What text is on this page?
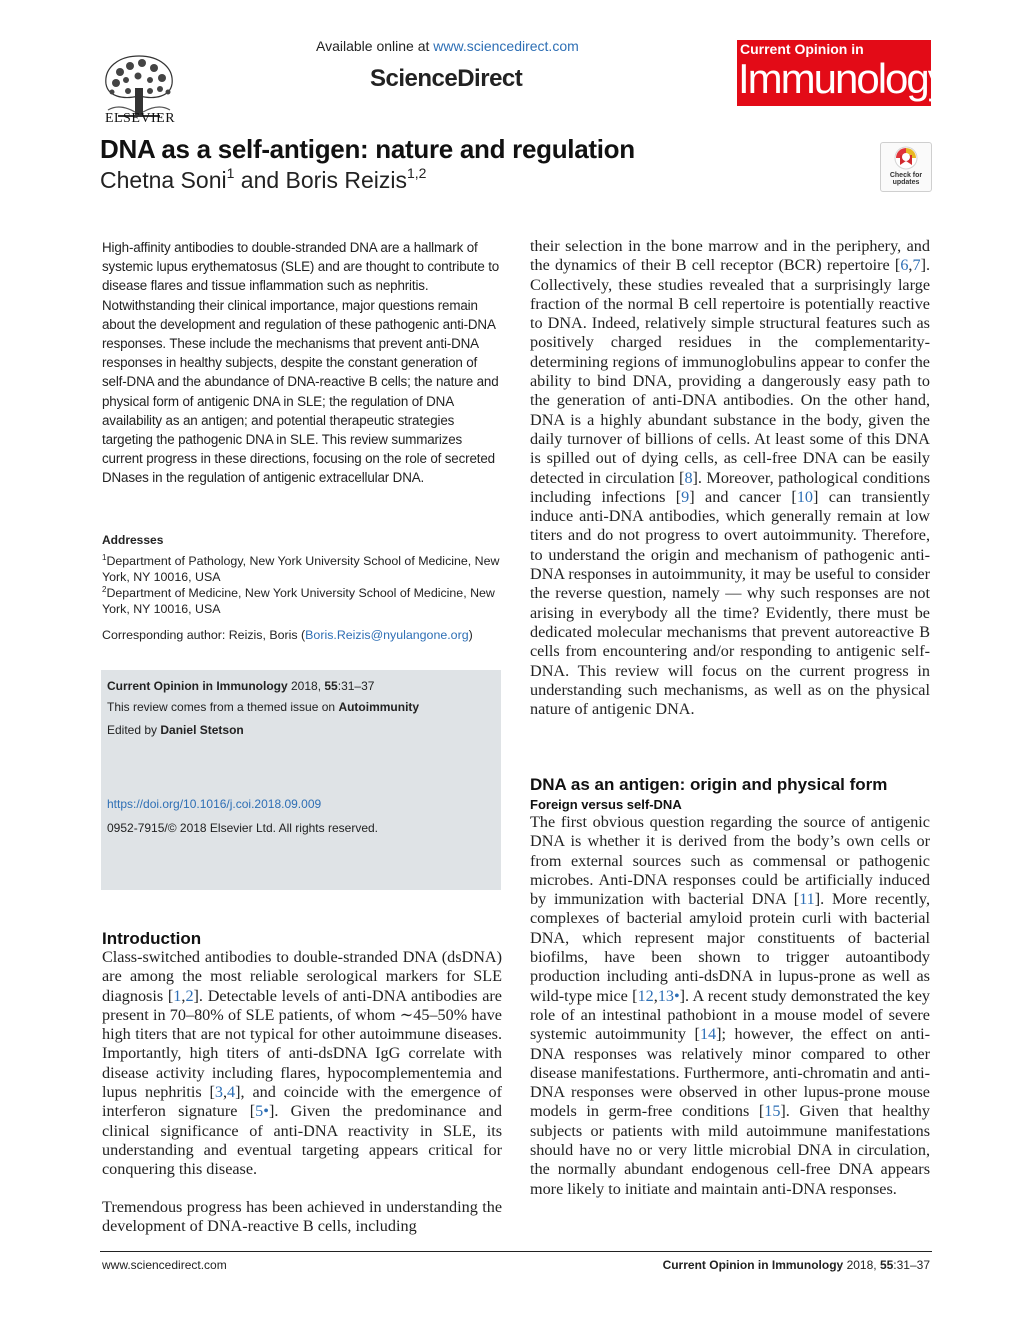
ELSEVIER
Available online at www.sciencedirect.com
ScienceDirect
Current Opinion in
Immunology
DNA as a self-antigen: nature and regulation
Chetna Soni$^1$ and Boris Reizis$^{1,2}$	Check for
updates
High-affinity antibodies to double-stranded DNA are a hallmark of systemic lupus erythematosus (SLE) and are thought to contribute to disease flares and tissue inflammation such as nephritis. Notwithstanding their clinical importance, major questions remain about the development and regulation of these pathogenic anti-DNA responses. These include the mechanisms that prevent anti-DNA responses in healthy subjects, despite the constant generation of self-DNA and the abundance of DNA-reactive B cells; the nature and physical form of antigenic DNA in SLE; the regulation of DNA availability as an antigen; and potential therapeutic strategies targeting the pathogenic DNA in SLE. This review summarizes current progress in these directions, focusing on the role of secreted DNases in the regulation of antigenic extracellular DNA.
Addresses
$^1$Department of Pathology, New York University School of Medicine, New York, NY 10016, USA
$^2$Department of Medicine, New York University School of Medicine, New York, NY 10016, USA
Corresponding author: Reizis, Boris (Boris.Reizis@nyulangone.org)
Current Opinion in Immunology 2018, 55:31–37
This review comes from a themed issue on Autoimmunity
Edited by Daniel Stetson
https://doi.org/10.1016/j.coi.2018.09.009
0952-7915/© 2018 Elsevier Ltd. All rights reserved.
Introduction
Class-switched antibodies to double-stranded DNA (dsDNA) are among the most reliable serological markers for SLE diagnosis [1,2]. Detectable levels of anti-DNA antibodies are present in 70–80% of SLE patients, of whom ∼45–50% have high titers that are not typical for other autoimmune diseases. Importantly, high titers of anti-dsDNA IgG correlate with disease activity including flares, hypocomplementemia and lupus nephritis [3,4], and coincide with the emergence of interferon signature [5•]. Given the predominance and clinical significance of anti-DNA reactivity in SLE, its understanding and eventual targeting appears critical for conquering this disease.
Tremendous progress has been achieved in understanding the development of DNA-reactive B cells, including
their selection in the bone marrow and in the periphery, and the dynamics of their B cell receptor (BCR) repertoire [6,7]. Collectively, these studies revealed that a surprisingly large fraction of the normal B cell repertoire is potentially reactive to DNA. Indeed, relatively simple structural features such as positively charged residues in the complementarity-determining regions of immunoglobulins appear to confer the ability to bind DNA, providing a dangerously easy path to the generation of anti-DNA antibodies. On the other hand, DNA is a highly abundant substance in the body, given the daily turnover of billions of cells. At least some of this DNA is spilled out of dying cells, as cell-free DNA can be easily detected in circulation [8]. Moreover, pathological conditions including infections [9] and cancer [10] can transiently induce anti-DNA antibodies, which generally remain at low titers and do not progress to overt autoimmunity. Therefore, to understand the origin and mechanism of pathogenic anti-DNA responses in autoimmunity, it may be useful to consider the reverse question, namely — why such responses are not arising in everybody all the time? Evidently, there must be dedicated molecular mechanisms that prevent autoreactive B cells from encountering and/or responding to antigenic self-DNA. This review will focus on the current progress in understanding such mechanisms, as well as on the physical nature of antigenic DNA.
DNA as an antigen: origin and physical form
Foreign versus self-DNA
The first obvious question regarding the source of antigenic DNA is whether it is derived from the body’s own cells or from external sources such as commensal or pathogenic microbes. Anti-DNA responses could be artificially induced by immunization with bacterial DNA [11]. More recently, complexes of bacterial amyloid protein curli with bacterial DNA, which represent major constituents of bacterial biofilms, have been shown to trigger autoantibody production including anti-dsDNA in lupus-prone as well as wild-type mice [12,13•]. A recent study demonstrated the key role of an intestinal pathobiont in a mouse model of severe systemic autoimmunity [14]; however, the effect on anti-DNA responses was relatively minor compared to other disease manifestations. Furthermore, anti-chromatin and anti-DNA responses were observed in other lupus-prone mouse models in germ-free conditions [15]. Given that healthy subjects or patients with mild autoimmune manifestations should have no or very little microbial DNA in circulation, the normally abundant endogenous cell-free DNA appears more likely to initiate and maintain anti-DNA responses.
www.sciencedirect.com	Current Opinion in Immunology 2018, 55:31–37
